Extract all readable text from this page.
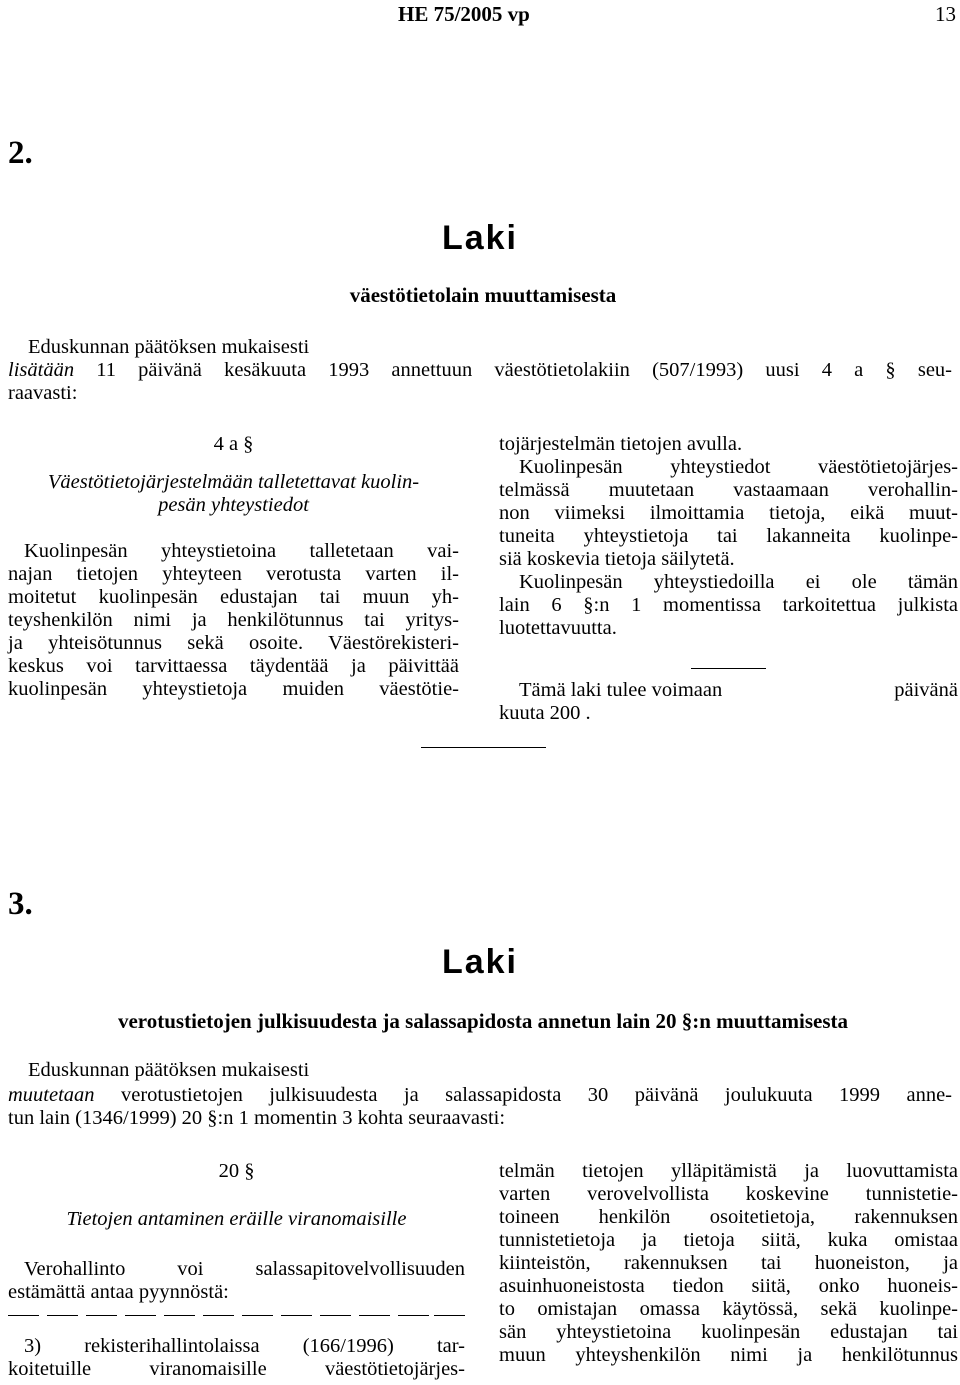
HE 75/2005 vp	13
2.
Laki
väestötietolain muuttamisesta
Eduskunnan päätöksen mukaisesti
lisätään 11 päivänä kesäkuuta 1993 annettuun väestötietolakiin (507/1993) uusi 4 a § seu-
raavasti:

4 a §

Väestötietojärjestelmään talletettavat kuolin-

pesän yhteystiedot

Kuolinpesän yhteystietoina talletetaan vai-

najan tietojen yhteyteen verotusta varten il-

moitetut kuolinpesän edustajan tai muun yh-

teyshenkilön nimi ja henkilötunnus tai yritys-

ja yhteisötunnus sekä osoite. Väestörekisteri-

keskus voi tarvittaessa täydentää ja päivittää

kuolinpesän yhteystietoja muiden väestötie-

tojärjestelmän tietojen avulla.

Kuolinpesän yhteystiedot väestötietojärjes-

telmässä muutetaan vastaamaan verohallin-

non viimeksi ilmoittamia tietoja, eikä muut-

tuneita yhteystietoja tai lakanneita kuolinpe-

siä koskevia tietoja säilytetä.

Kuolinpesän yhteystiedoilla ei ole tämän

lain 6 §:n 1 momentissa tarkoitettua julkista

luotettavuutta.

Tämä laki tulee voimaan	päivänä

kuuta 200 .

3.
Laki
verotustietojen julkisuudesta ja salassapidosta annetun lain 20 §:n muuttamisesta
Eduskunnan päätöksen mukaisesti
muutetaan verotustietojen julkisuudesta ja salassapidosta 30 päivänä joulukuuta 1999 anne-
tun lain (1346/1999) 20 §:n 1 momentin 3 kohta seuraavasti:

20 §

Tietojen antaminen eräille viranomaisille

Verohallinto voi salassapitovelvollisuuden

estämättä antaa pyynnöstä:

3) rekisterihallintolaissa (166/1996) tar-

koitetuille viranomaisille väestötietojärjes-

telmän tietojen ylläpitämistä ja luovuttamista

varten verovelvollista koskevine tunnistetie-

toineen henkilön osoitetietoja, rakennuksen

tunnistetietoja ja tietoja siitä, kuka omistaa

kiinteistön, rakennuksen tai huoneiston, ja

asuinhuoneistosta tiedon siitä, onko huoneis-

to omistajan omassa käytössä, sekä kuolinpe-

sän yhteystietoina kuolinpesän edustajan tai

muun yhteyshenkilön nimi ja henkilötunnus
